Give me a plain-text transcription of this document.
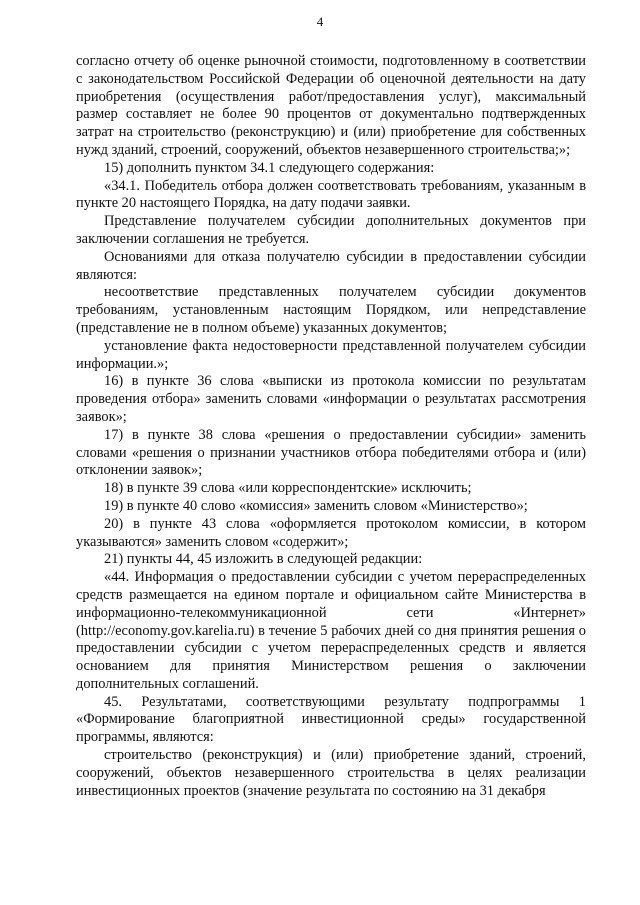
4

согласно отчету об оценке рыночной стоимости, подготовленному в соответствии с законодательством Российской Федерации об оценочной деятельности на дату приобретения (осуществления работ/предоставления услуг), максимальный размер составляет не более 90 процентов от документально подтвержденных затрат на строительство (реконструкцию) и (или) приобретение для собственных нужд зданий, строений, сооружений, объектов незавершенного строительства;»;

15) дополнить пунктом 34.1 следующего содержания:

«34.1. Победитель отбора должен соответствовать требованиям, указанным в пункте 20 настоящего Порядка, на дату подачи заявки.

Представление получателем субсидии дополнительных документов при заключении соглашения не требуется.

Основаниями для отказа получателю субсидии в предоставлении субсидии являются:

несоответствие представленных получателем субсидии документов требованиям, установленным настоящим Порядком, или непредставление (представление не в полном объеме) указанных документов;

установление факта недостоверности представленной получателем субсидии информации.»;

16) в пункте 36 слова «выписки из протокола комиссии по результатам проведения отбора» заменить словами «информации о результатах рассмотрения заявок»;

17) в пункте 38 слова «решения о предоставлении субсидии» заменить словами «решения о признании участников отбора победителями отбора и (или) отклонении заявок»;

18) в пункте 39 слова «или корреспондентские» исключить;

19) в пункте 40 слово «комиссия» заменить словом «Министерство»;

20) в пункте 43 слова «оформляется протоколом комиссии, в котором указываются» заменить словом «содержит»;

21) пункты 44, 45 изложить в следующей редакции:

«44. Информация о предоставлении субсидии с учетом перераспределенных средств размещается на едином портале и официальном сайте Министерства в информационно-телекоммуникационной сети «Интернет» (http://economy.gov.karelia.ru) в течение 5 рабочих дней со дня принятия решения о предоставлении субсидии с учетом перераспределенных средств и является основанием для принятия Министерством решения о заключении дополнительных соглашений.

45. Результатами, соответствующими результату подпрограммы 1 «Формирование благоприятной инвестиционной среды» государственной программы, являются:

строительство (реконструкция) и (или) приобретение зданий, строений, сооружений, объектов незавершенного строительства в целях реализации инвестиционных проектов (значение результата по состоянию на 31 декабря
